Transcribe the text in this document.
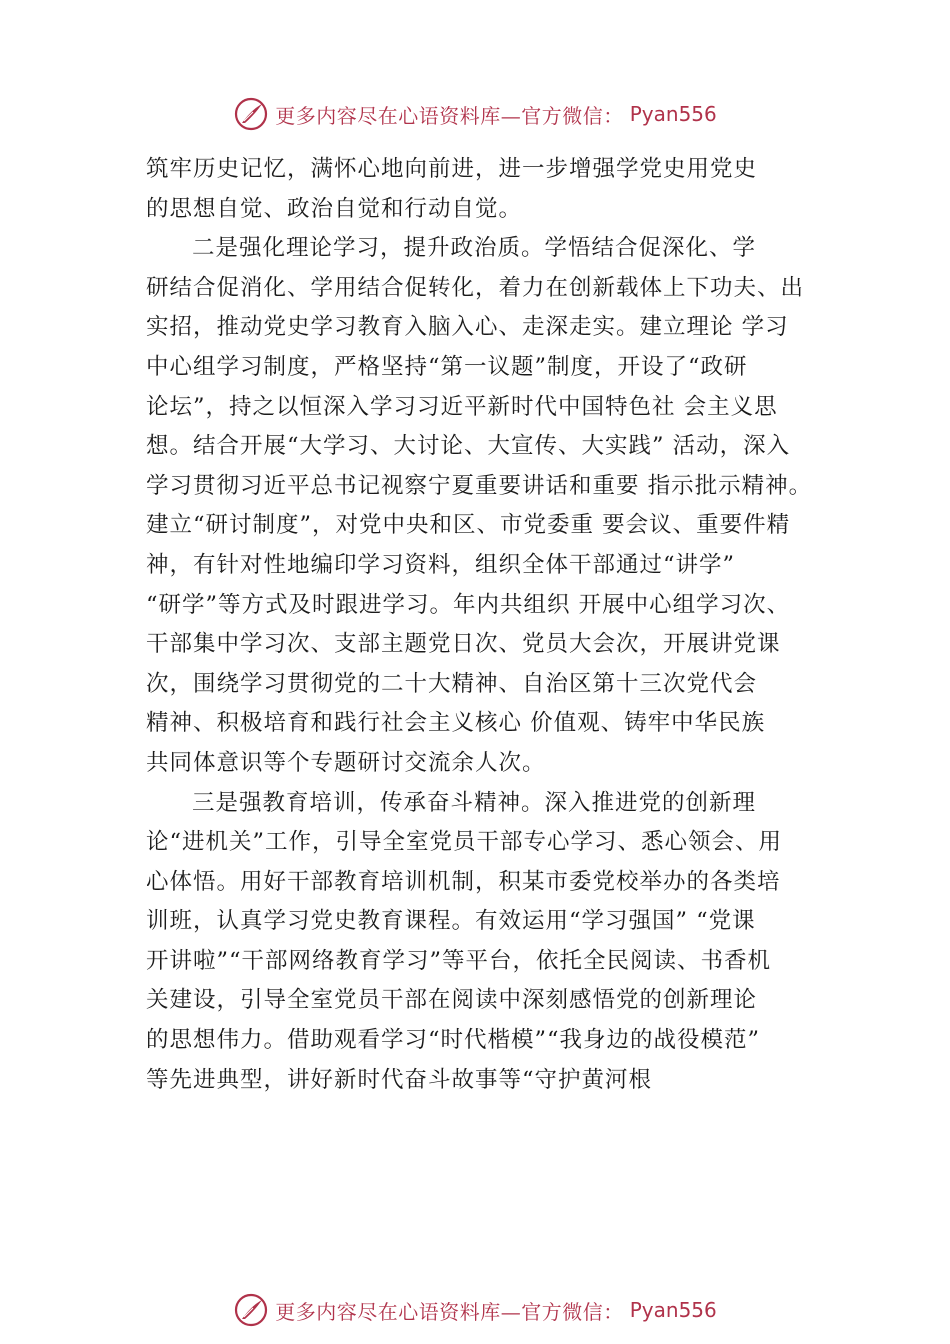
更多内容尽在心语资料库—官方微信： Pyan556
筑牢历史记忆，满怀心地向前进，进一步增强学党史用党史
的思想自觉、政治自觉和行动自觉。
二是强化理论学习，提升政治质。学悟结合促深化、学
研结合促消化、学用结合促转化，着力在创新载体上下功夫、出
实招，推动党史学习教育入脑入心、走深走实。建立理论 学习
中心组学习制度，严格坚持“第一议题”制度，开设了“政研
论坛”，持之以恒深入学习习近平新时代中国特色社 会主义思
想。结合开展“大学习、大讨论、大宣传、大实践” 活动，深入
学习贯彻习近平总书记视察宁夏重要讲话和重要 指示批示精神。
建立“研讨制度”，对党中央和区、市党委重 要会议、重要件精
神，有针对性地编印学习资料，组织全体干部通过“讲学”
“研学”等方式及时跟进学习。年内共组织 开展中心组学习次、
干部集中学习次、支部主题党日次、党员大会次，开展讲党课
次，围绕学习贯彻党的二十大精神、自治区第十三次党代会
精神、积极培育和践行社会主义核心 价值观、铸牢中华民族
共同体意识等个专题研讨交流余人次。
三是强教育培训，传承奋斗精神。深入推进党的创新理
论“进机关”工作，引导全室党员干部专心学习、悉心领会、用
心体悟。用好干部教育培训机制，积某市委党校举办的各类培
训班，认真学习党史教育课程。有效运用“学习强国” “党课
开讲啦”“干部网络教育学习”等平台，依托全民阅读、书香机
关建设，引导全室党员干部在阅读中深刻感悟党的创新理论
的思想伟力。借助观看学习“时代楷模”“我身边的战役模范”
等先进典型，讲好新时代奋斗故事等“守护黄河根
更多内容尽在心语资料库—官方微信： Pyan556
